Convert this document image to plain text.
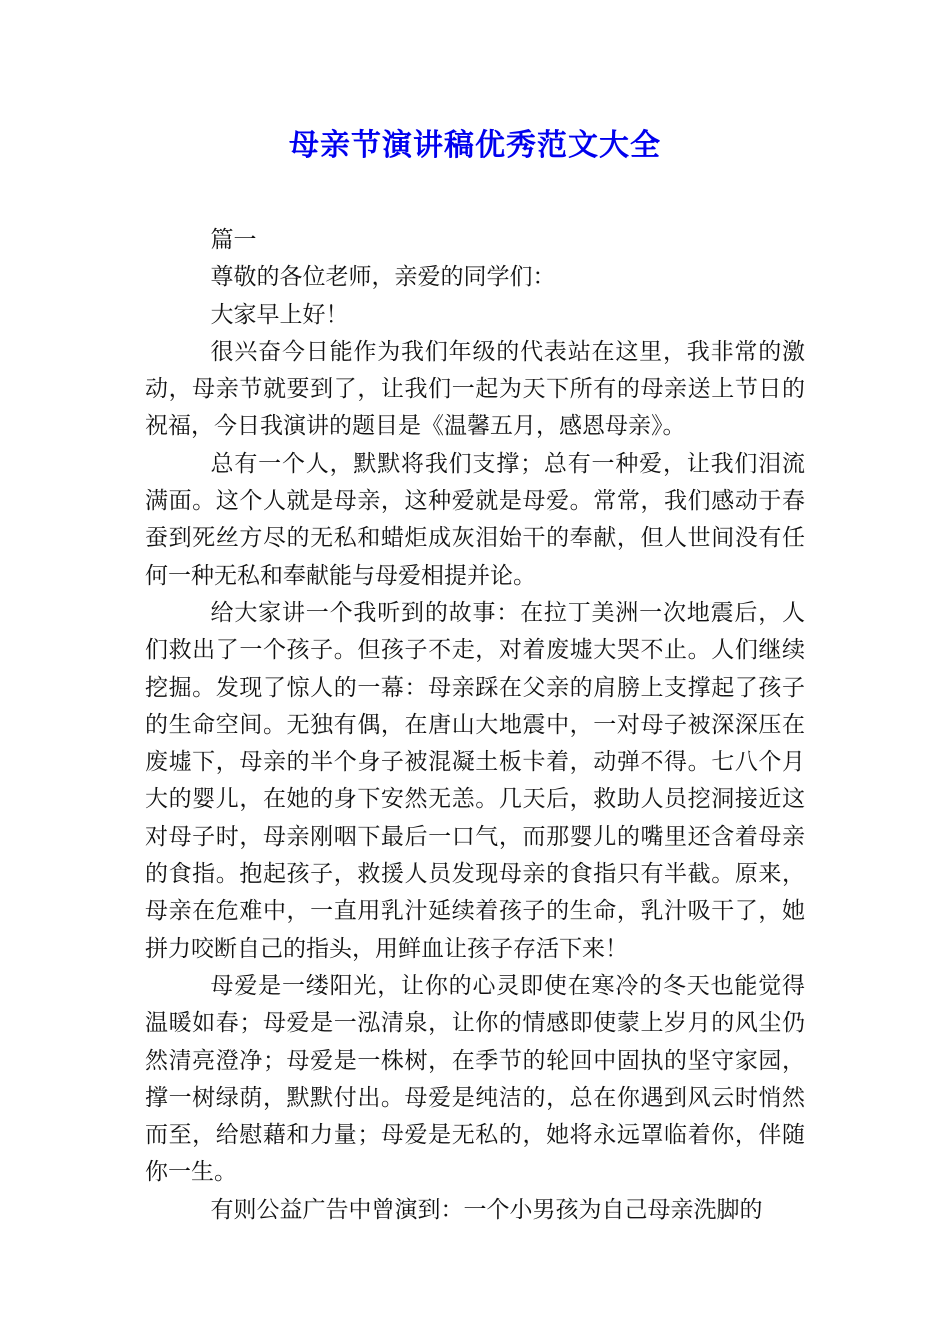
母亲节演讲稿优秀范文大全

篇一

尊敬的各位老师，亲爱的同学们：

大家早上好！

很兴奋今日能作为我们年级的代表站在这里，我非常的激动，母亲节就要到了，让我们一起为天下所有的母亲送上节日的祝福，今日我演讲的题目是《温馨五月，感恩母亲》。

总有一个人，默默将我们支撑；总有一种爱，让我们泪流满面。这个人就是母亲，这种爱就是母爱。常常，我们感动于春蚕到死丝方尽的无私和蜡炬成灰泪始干的奉献，但人世间没有任何一种无私和奉献能与母爱相提并论。

给大家讲一个我听到的故事：在拉丁美洲一次地震后，人们救出了一个孩子。但孩子不走，对着废墟大哭不止。人们继续挖掘。发现了惊人的一幕：母亲踩在父亲的肩膀上支撑起了孩子的生命空间。无独有偶，在唐山大地震中，一对母子被深深压在废墟下，母亲的半个身子被混凝土板卡着，动弹不得。七八个月大的婴儿，在她的身下安然无恙。几天后，救助人员挖洞接近这对母子时，母亲刚咽下最后一口气，而那婴儿的嘴里还含着母亲的食指。抱起孩子，救援人员发现母亲的食指只有半截。原来，母亲在危难中，一直用乳汁延续着孩子的生命，乳汁吸干了，她拼力咬断自己的指头，用鲜血让孩子存活下来！

母爱是一缕阳光，让你的心灵即使在寒冷的冬天也能觉得温暖如春；母爱是一泓清泉，让你的情感即使蒙上岁月的风尘仍然清亮澄净；母爱是一株树，在季节的轮回中固执的坚守家园，撑一树绿荫，默默付出。母爱是纯洁的，总在你遇到风云时悄然而至，给慰藉和力量；母爱是无私的，她将永远罩临着你，伴随你一生。

有则公益广告中曾演到：一个小男孩为自己母亲洗脚的
